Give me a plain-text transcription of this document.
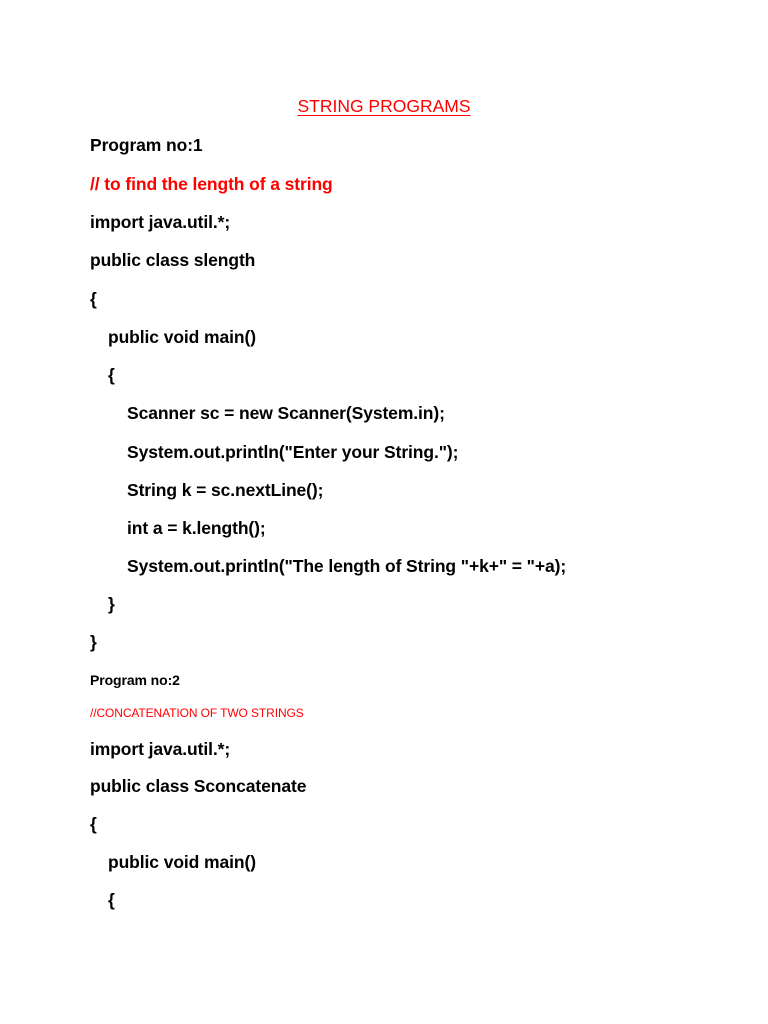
STRING PROGRAMS
Program no:1
// to find the length of a string
import java.util.*;
public class slength
{
public void main()
{
Scanner sc = new Scanner(System.in);
System.out.println("Enter your String.");
String k = sc.nextLine();
int a = k.length();
System.out.println("The length of String "+k+" = "+a);
}
}
Program no:2
//CONCATENATION OF TWO STRINGS
import java.util.*;
public class Sconcatenate
{
public void main()
{
